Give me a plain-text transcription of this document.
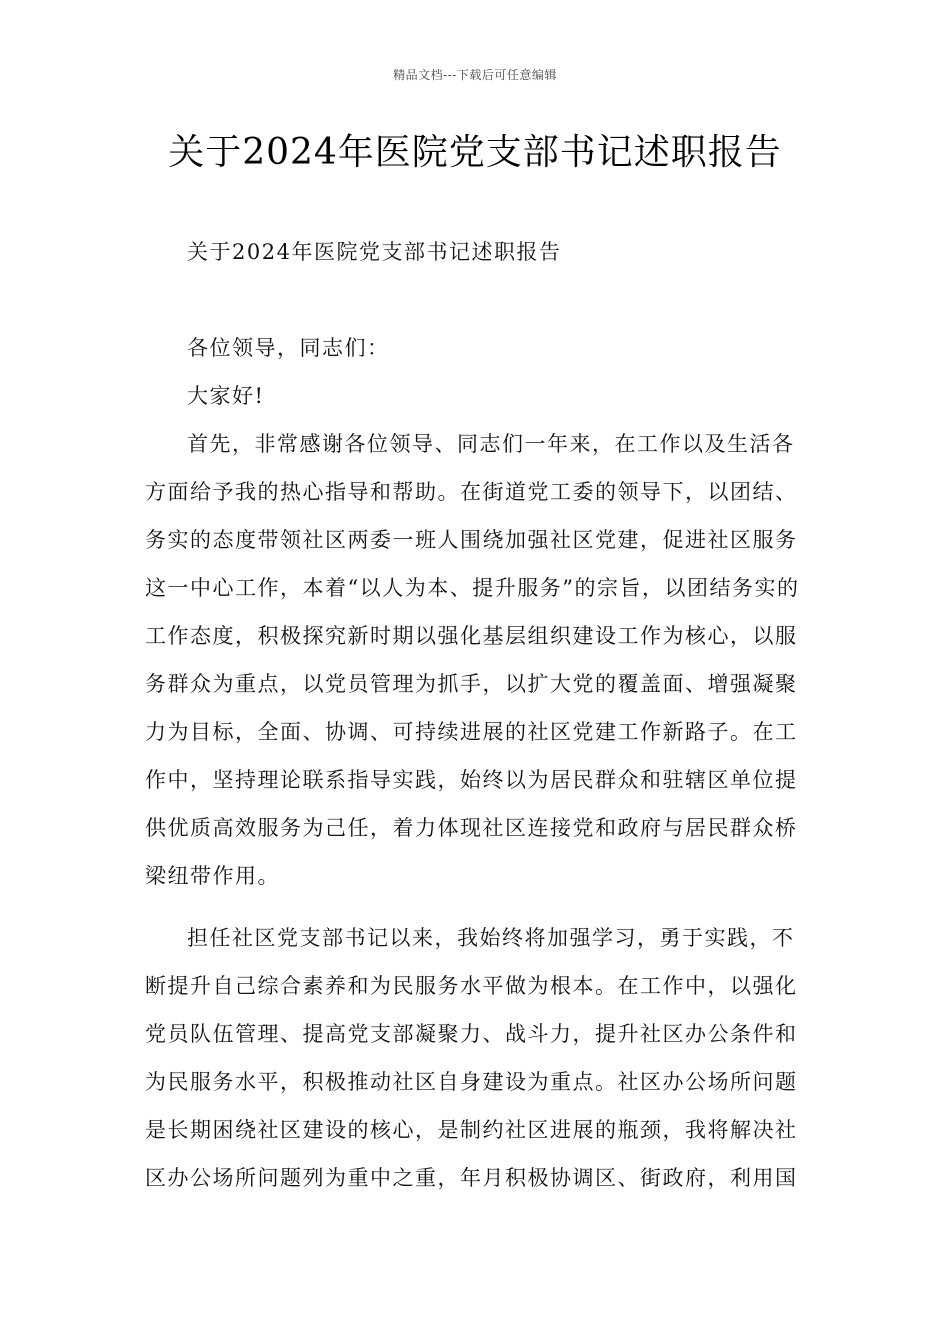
精品文档---下载后可任意编辑
关于2024年医院党支部书记述职报告

关于2024年医院党支部书记述职报告

各位领导，同志们：

大家好!

首先，非常感谢各位领导、同志们一年来，在工作以及生活各方面给予我的热心指导和帮助。在街道党工委的领导下，以团结、务实的态度带领社区两委一班人围绕加强社区党建，促进社区服务这一中心工作，本着“以人为本、提升服务”的宗旨，以团结务实的工作态度，积极探究新时期以强化基层组织建设工作为核心，以服务群众为重点，以党员管理为抓手，以扩大党的覆盖面、增强凝聚力为目标，全面、协调、可持续进展的社区党建工作新路子。在工作中，坚持理论联系指导实践，始终以为居民群众和驻辖区单位提供优质高效服务为己任，着力体现社区连接党和政府与居民群众桥梁纽带作用。

担任社区党支部书记以来，我始终将加强学习，勇于实践，不断提升自己综合素养和为民服务水平做为根本。在工作中，以强化党员队伍管理、提高党支部凝聚力、战斗力，提升社区办公条件和为民服务水平，积极推动社区自身建设为重点。社区办公场所问题是长期困绕社区建设的核心，是制约社区进展的瓶颈，我将解决社区办公场所问题列为重中之重，年月积极协调区、街政府，利用国
